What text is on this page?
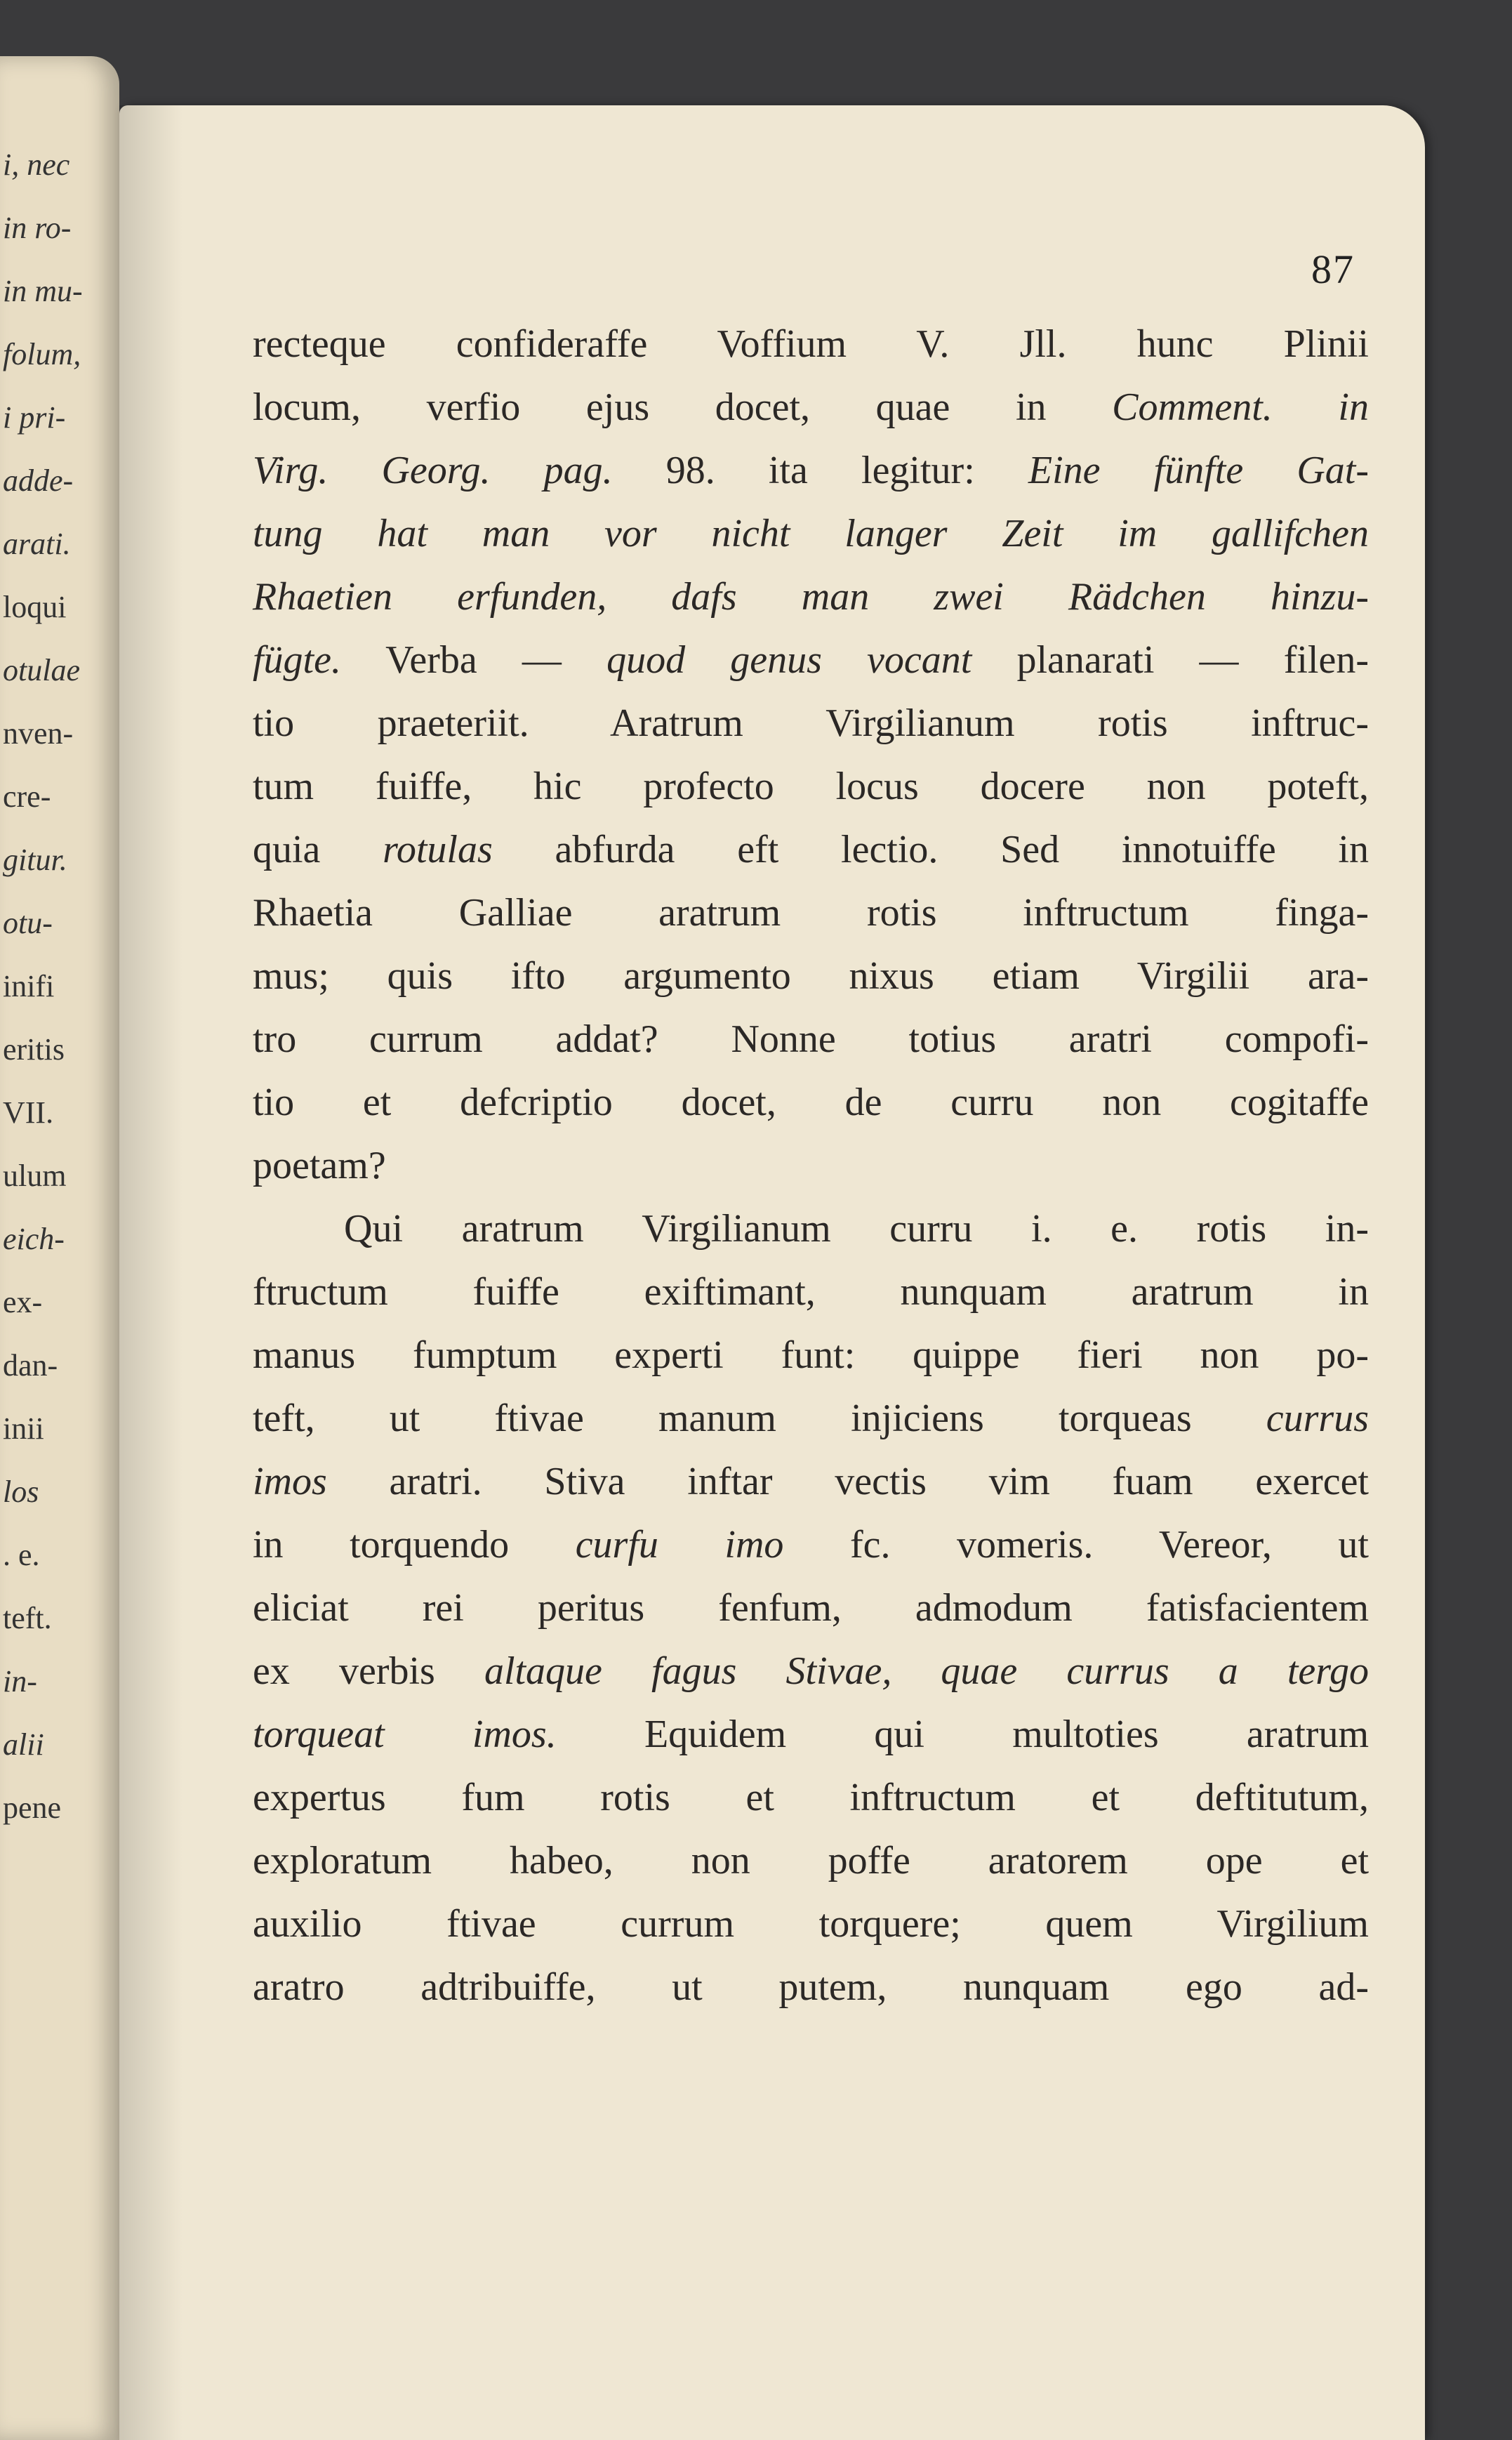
i, nec
in ro-
in mu-
folum,
i pri-
adde-
arati.
loqui
otulae
nven-
cre-
gitur.
otu-
inifi
eritis
VII.
ulum
eich-
ex-
dan-
inii
los
. e.
teft.
in-
alii
pene
87
recteque confideraffe Voffium V. Jll. hunc Plinii
locum, verfio ejus docet, quae in Comment. in
Virg. Georg. pag. 98. ita legitur: Eine fünfte Gat-
tung hat man vor nicht langer Zeit im gallifchen
Rhaetien erfunden, dafs man zwei Rädchen hinzu-
fügte. Verba — quod genus vocant planarati — filen-
tio praeteriit. Aratrum Virgilianum rotis inftruc-
tum fuiffe, hic profecto locus docere non poteft,
quia rotulas abfurda eft lectio. Sed innotuiffe in
Rhaetia Galliae aratrum rotis inftructum finga-
mus; quis ifto argumento nixus etiam Virgilii ara-
tro currum addat? Nonne totius aratri compofi-
tio et defcriptio docet, de curru non cogitaffe
poetam?
Qui aratrum Virgilianum curru i. e. rotis in-
ftructum fuiffe exiftimant, nunquam aratrum in
manus fumptum experti funt: quippe fieri non po-
teft, ut ftivae manum injiciens torqueas currus
imos aratri. Stiva inftar vectis vim fuam exercet
in torquendo curfu imo fc. vomeris. Vereor, ut
eliciat rei peritus fenfum, admodum fatisfacientem
ex verbis altaque fagus Stivae, quae currus a tergo
torqueat imos. Equidem qui multoties aratrum
expertus fum rotis et inftructum et deftitutum,
exploratum habeo, non poffe aratorem ope et
auxilio ftivae currum torquere; quem Virgilium
aratro adtribuiffe, ut putem, nunquam ego ad-
